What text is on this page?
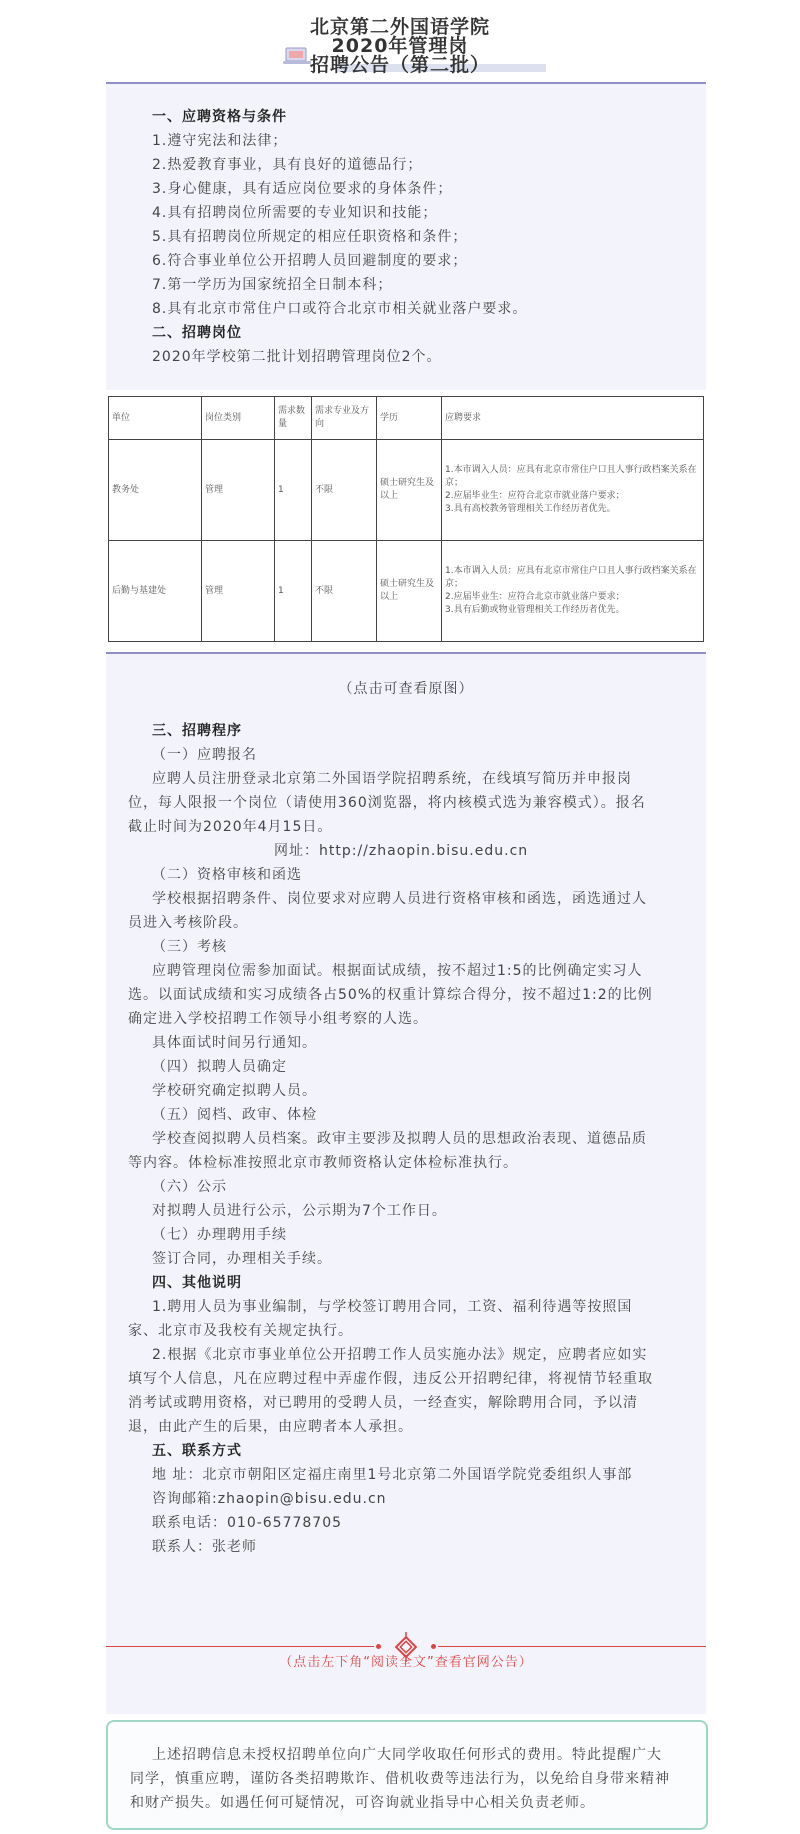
北京第二外国语学院
2020年管理岗
招聘公告（第二批）
一、应聘资格与条件
1.遵守宪法和法律；
2.热爱教育事业，具有良好的道德品行；
3.身心健康，具有适应岗位要求的身体条件；
4.具有招聘岗位所需要的专业知识和技能；
5.具有招聘岗位所规定的相应任职资格和条件；
6.符合事业单位公开招聘人员回避制度的要求；
7.第一学历为国家统招全日制本科；
8.具有北京市常住户口或符合北京市相关就业落户要求。
二、招聘岗位
2020年学校第二批计划招聘管理岗位2个。
单位	岗位类别	需求数量	需求专业及方向	学历	应聘要求
教务处	管理	1	不限	硕士研究生及以上	1.本市调入人员：应具有北京市常住户口且人事行政档案关系在京；
2.应届毕业生：应符合北京市就业落户要求；
3.具有高校教务管理相关工作经历者优先。

后勤与基建处	管理	1	不限	硕士研究生及以上	1.本市调入人员：应具有北京市常住户口且人事行政档案关系在京；
2.应届毕业生：应符合北京市就业落户要求；
3.具有后勤或物业管理相关工作经历者优先。
（点击可查看原图）
三、招聘程序
（一）应聘报名
应聘人员注册登录北京第二外国语学院招聘系统，在线填写简历并申报岗
位，每人限报一个岗位（请使用360浏览器，将内核模式选为兼容模式）。报名
截止时间为2020年4月15日。
网址：http://zhaopin.bisu.edu.cn
（二）资格审核和函选
学校根据招聘条件、岗位要求对应聘人员进行资格审核和函选，函选通过人
员进入考核阶段。
（三）考核
应聘管理岗位需参加面试。根据面试成绩，按不超过1:5的比例确定实习人
选。以面试成绩和实习成绩各占50%的权重计算综合得分，按不超过1:2的比例
确定进入学校招聘工作领导小组考察的人选。
具体面试时间另行通知。
（四）拟聘人员确定
学校研究确定拟聘人员。
（五）阅档、政审、体检
学校查阅拟聘人员档案。政审主要涉及拟聘人员的思想政治表现、道德品质
等内容。体检标准按照北京市教师资格认定体检标准执行。
（六）公示
对拟聘人员进行公示，公示期为7个工作日。
（七）办理聘用手续
签订合同，办理相关手续。
四、其他说明
1.聘用人员为事业编制，与学校签订聘用合同，工资、福利待遇等按照国
家、北京市及我校有关规定执行。
2.根据《北京市事业单位公开招聘工作人员实施办法》规定，应聘者应如实
填写个人信息，凡在应聘过程中弄虚作假，违反公开招聘纪律，将视情节轻重取
消考试或聘用资格，对已聘用的受聘人员，一经查实，解除聘用合同，予以清
退，由此产生的后果，由应聘者本人承担。
五、联系方式
地 址：北京市朝阳区定福庄南里1号北京第二外国语学院党委组织人事部
咨询邮箱:zhaopin@bisu.edu.cn
联系电话：010-65778705
联系人：张老师
（点击左下角“阅读全文”查看官网公告）
上述招聘信息未授权招聘单位向广大同学收取任何形式的费用。特此提醒广大
同学，慎重应聘，谨防各类招聘欺诈、借机收费等违法行为，以免给自身带来精神
和财产损失。如遇任何可疑情况，可咨询就业指导中心相关负责老师。
